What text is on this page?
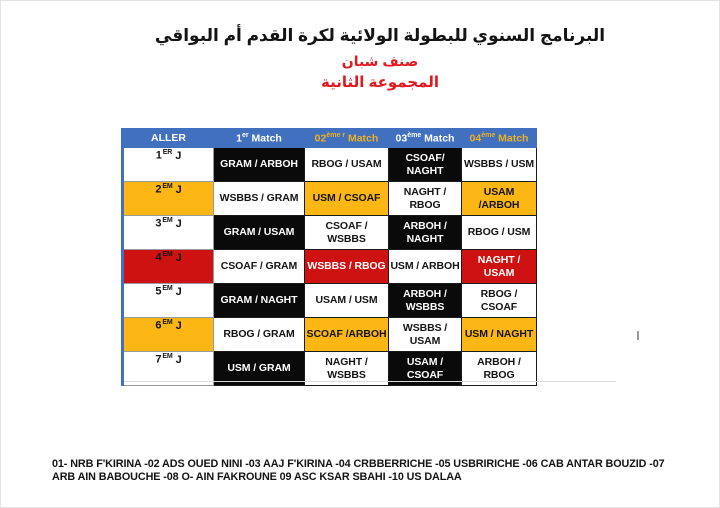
البرنامج السنوي للبطولة الولائية لكرة القدم أم البواقي
صنف شبان
المجموعة الثانية
ALLER	1er Match	$02^{ème r}$ Match	03ème Match	04ème Match
1ER J	GRAM / ARBOH	RBOG / USAM	CSOAF/ NAGHT	WSBBS / USM
$2^{EM}$ J	WSBBS / GRAM	USM / CSOAF	NAGHT / RBOG	USAM /ARBOH
$3^{EM}$ J	GRAM / USAM	CSOAF / WSBBS	ARBOH / NAGHT	RBOG / USM
$4^{EM}$ J	CSOAF / GRAM	WSBBS / RBOG	USM / ARBOH	NAGHT / USAM
$5^{EM}$ J	GRAM / NAGHT	USAM / USM	ARBOH / WSBBS	RBOG / CSOAF
$6^{EM}$ J	RBOG / GRAM	SCOAF /ARBOH	WSBBS / USAM	USM / NAGHT
$7^{EM}$ J	USM / GRAM	NAGHT / WSBBS	USAM / CSOAF	ARBOH / RBOG
01- NRB F'KIRINA -02 ADS OUED NINI -03 AAJ F'KIRINA -04 CRBBERRICHE -05 USBRIRICHE -06 CAB ANTAR BOUZID -07
ARB AIN BABOUCHE -08 O- AIN FAKROUNE 09 ASC KSAR SBAHI -10 US DALAA
